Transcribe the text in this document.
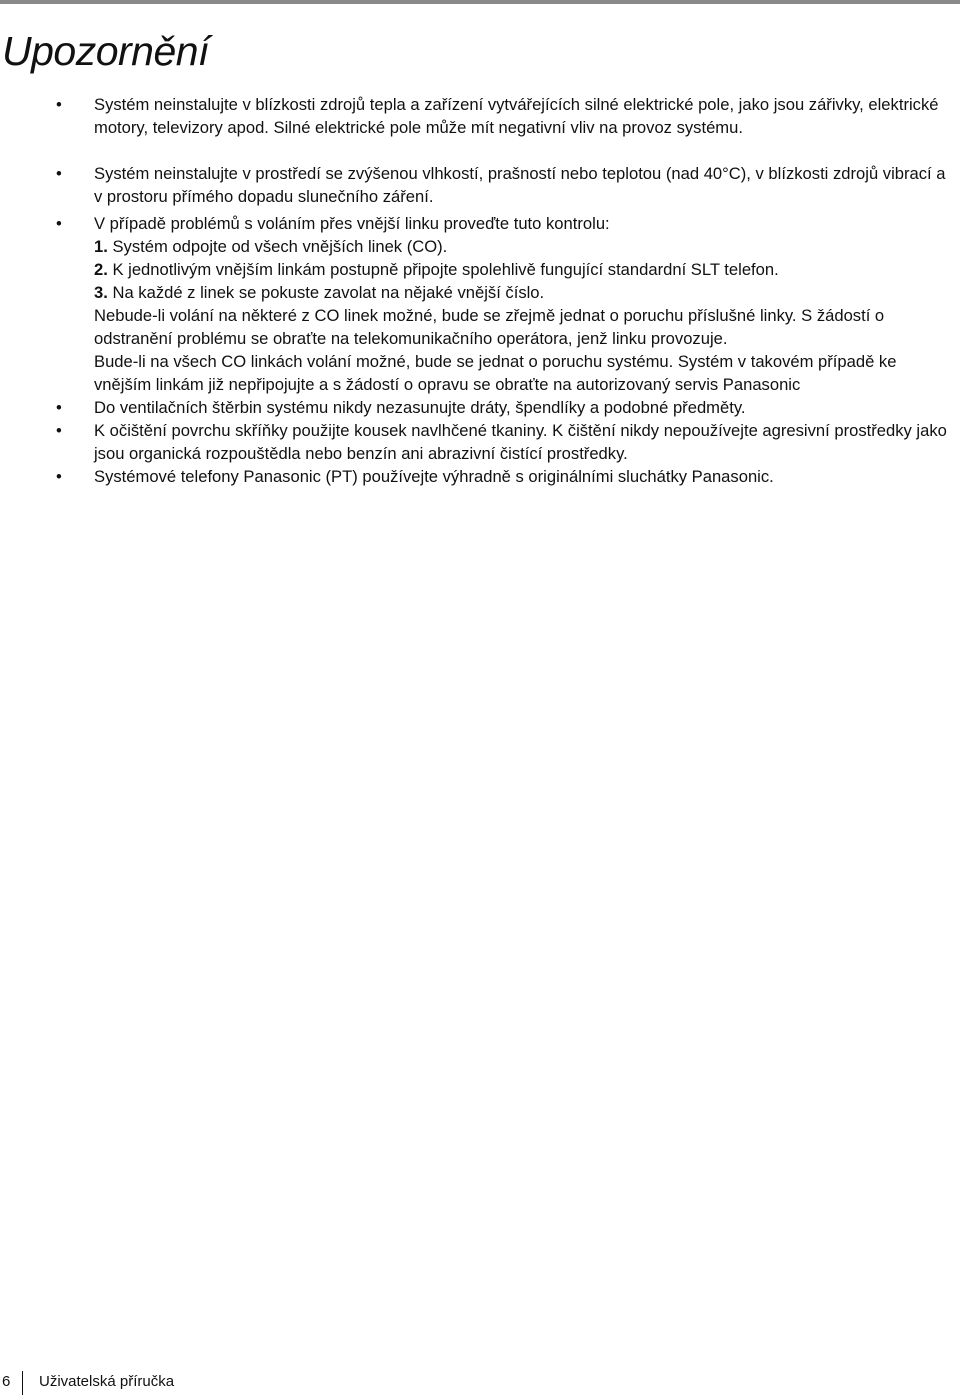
Upozornění
• Systém neinstalujte v blízkosti zdrojů tepla a zařízení vytvářejících silné elektrické pole, jako jsou zářivky, elektrické motory, televizory apod. Silné elektrické pole může mít negativní vliv na provoz systému.
• Systém neinstalujte v prostředí se zvýšenou vlhkostí, prašností nebo teplotou (nad 40°C), v blízkosti zdrojů vibrací a v prostoru přímého dopadu slunečního záření.
• V případě problémů s voláním přes vnější linku proveďte tuto kontrolu:
1. Systém odpojte od všech vnějších linek (CO).
2. K jednotlivým vnějším linkám postupně připojte spolehlivě fungující standardní SLT telefon.
3. Na každé z linek se pokuste zavolat na nějaké vnější číslo.
Nebude-li volání na některé z CO linek možné, bude se zřejmě jednat o poruchu příslušné linky. S žádostí o odstranění problému se obraťte na telekomunikačního operátora, jenž linku provozuje.
Bude-li na všech CO linkách volání možné, bude se jednat o poruchu systému. Systém v takovém případě ke vnějším linkám již nepřipojujte a s žádostí o opravu se obraťte na autorizovaný servis Panasonic
• Do ventilačních štěrbin systému nikdy nezasunujte dráty, špendlíky a podobné předměty.
• K očištění povrchu skříňky použijte kousek navlhčené tkaniny. K čištění nikdy nepoužívejte agresivní prostředky jako jsou organická rozpouštědla nebo benzín ani abrazivní čistící prostředky.
• Systémové telefony Panasonic (PT) používejte výhradně s originálními sluchátky Panasonic.
6 Uživatelská příručka
